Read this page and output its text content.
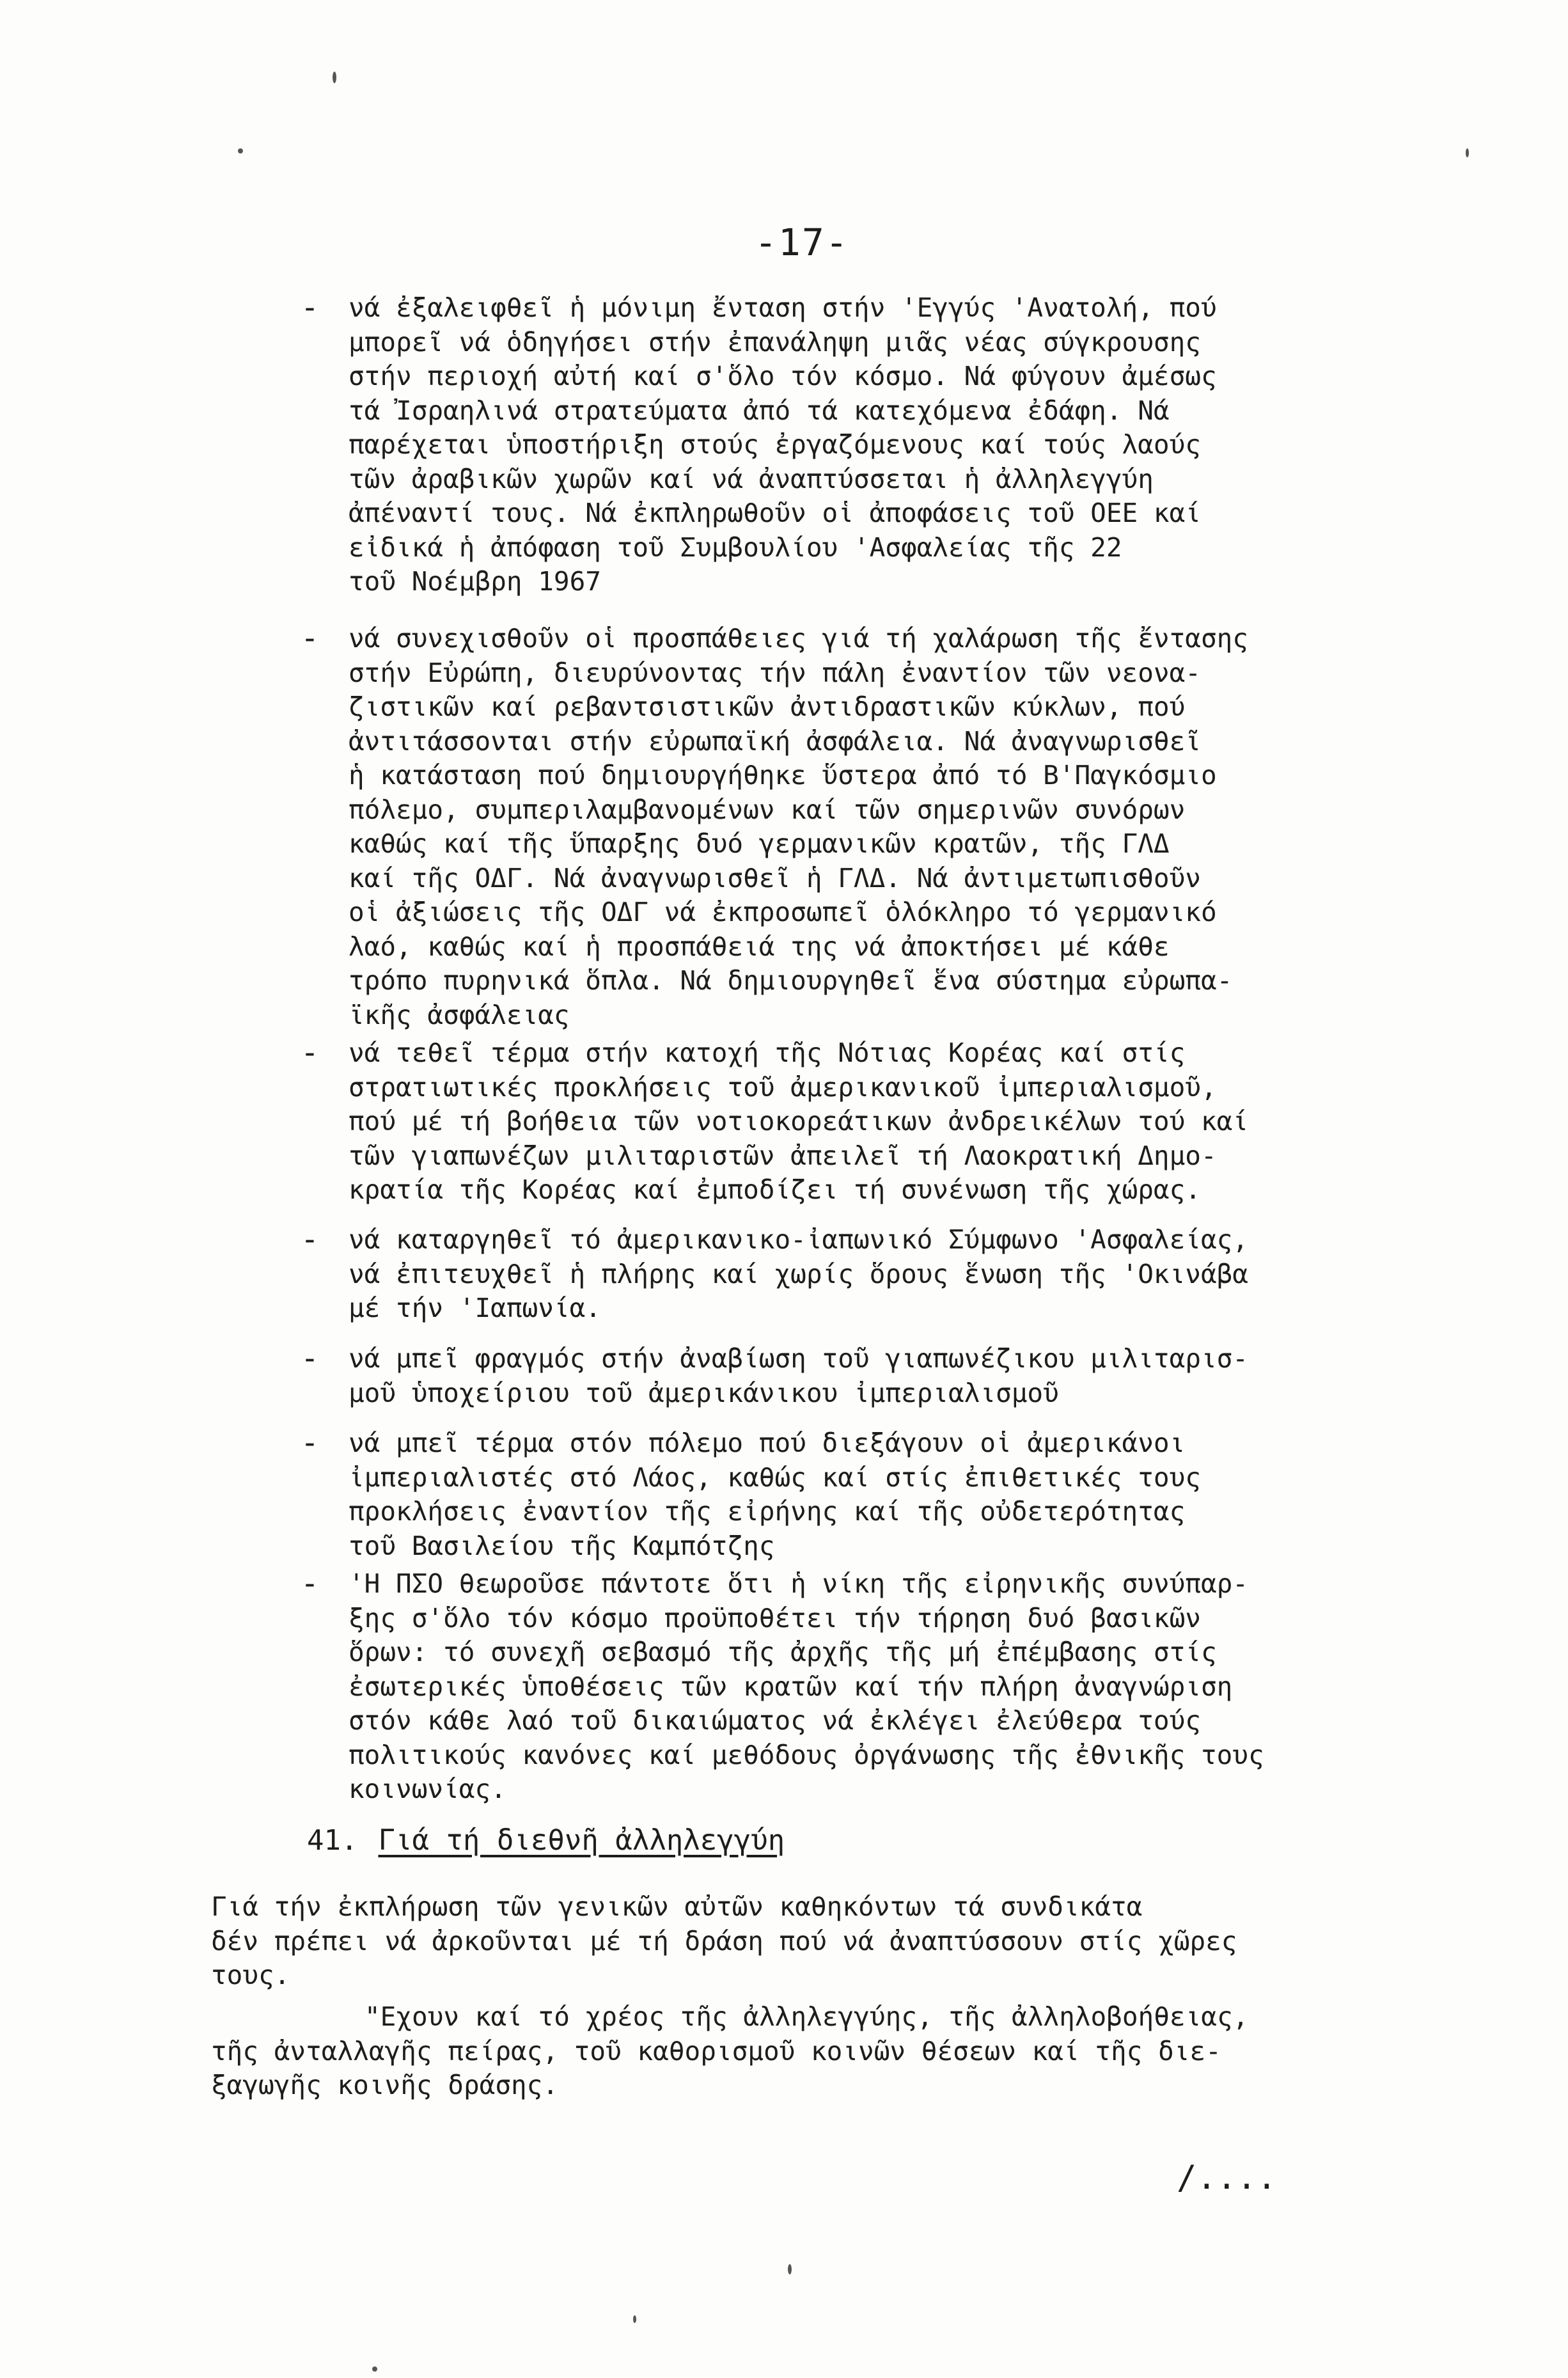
-17-
- νά ἐξαλειφθεῖ ἡ μόνιμη ἔνταση στήν 'Εγγύς 'Ανατολή, πού
μπορεῖ νά ὁδηγήσει στήν ἐπανάληψη μιᾶς νέας σύγκρουσης
στήν περιοχή αὐτή καί σ'ὅλο τόν κόσμο. Νά φύγουν ἀμέσως
τά Ἰσραηλινά στρατεύματα ἀπό τά κατεχόμενα ἐδάφη. Νά
παρέχεται ὑποστήριξη στούς ἐργαζόμενους καί τούς λαούς
τῶν ἀραβικῶν χωρῶν καί νά ἀναπτύσσεται ἡ ἀλληλεγγύη
ἀπέναντί τους. Νά ἐκπληρωθοῦν οἱ ἀποφάσεις τοῦ ΟΕΕ καί
εἰδικά ἡ ἀπόφαση τοῦ Συμβουλίου 'Ασφαλείας τῆς 22
τοῦ Νοέμβρη 1967
- νά συνεχισθοῦν οἱ προσπάθειες γιά τή χαλάρωση τῆς ἔντασης
στήν Εὐρώπη, διευρύνοντας τήν πάλη ἐναντίον τῶν νεονα-
ζιστικῶν καί ρεβαντσιστικῶν ἀντιδραστικῶν κύκλων, πού
ἀντιτάσσονται στήν εὐρωπαϊκή ἀσφάλεια. Νά ἀναγνωρισθεῖ
ἡ κατάσταση πού δημιουργήθηκε ὕστερα ἀπό τό Β'Παγκόσμιο
πόλεμο, συμπεριλαμβανομένων καί τῶν σημερινῶν συνόρων
καθώς καί τῆς ὕπαρξης δυό γερμανικῶν κρατῶν, τῆς ΓΛΔ
καί τῆς ΟΔΓ. Νά ἀναγνωρισθεῖ ἡ ΓΛΔ. Νά ἀντιμετωπισθοῦν
οἱ ἀξιώσεις τῆς ΟΔΓ νά ἐκπροσωπεῖ ὁλόκληρο τό γερμανικό
λαό, καθώς καί ἡ προσπάθειά της νά ἀποκτήσει μέ κάθε
τρόπο πυρηνικά ὅπλα. Νά δημιουργηθεῖ ἕνα σύστημα εὐρωπα-
ϊκῆς ἀσφάλειας
- νά τεθεῖ τέρμα στήν κατοχή τῆς Νότιας Κορέας καί στίς
στρατιωτικές προκλήσεις τοῦ ἀμερικανικοῦ ἰμπεριαλισμοῦ,
πού μέ τή βοήθεια τῶν νοτιοκορεάτικων ἀνδρεικέλων τού καί
τῶν γιαπωνέζων μιλιταριστῶν ἀπειλεῖ τή Λαοκρατική Δημο-
κρατία τῆς Κορέας καί ἐμποδίζει τή συνένωση τῆς χώρας.
- νά καταργηθεῖ τό ἀμερικανικο-ἰαπωνικό Σύμφωνο 'Ασφαλείας,
νά ἐπιτευχθεῖ ἡ πλήρης καί χωρίς ὅρους ἕνωση τῆς 'Οκινάβα
μέ τήν 'Ιαπωνία.
- νά μπεῖ φραγμός στήν ἀναβίωση τοῦ γιαπωνέζικου μιλιταρισ-
μοῦ ὑποχείριου τοῦ ἀμερικάνικου ἰμπεριαλισμοῦ
- νά μπεῖ τέρμα στόν πόλεμο πού διεξάγουν οἱ ἀμερικάνοι
ἰμπεριαλιστές στό Λάος, καθώς καί στίς ἐπιθετικές τους
προκλήσεις ἐναντίον τῆς εἰρήνης καί τῆς οὐδετερότητας
τοῦ Βασιλείου τῆς Καμπότζης
- 'Η ΠΣΟ θεωροῦσε πάντοτε ὅτι ἡ νίκη τῆς εἰρηνικῆς συνύπαρ-
ξης σ'ὅλο τόν κόσμο προϋποθέτει τήν τήρηση δυό βασικῶν
ὅρων: τό συνεχῆ σεβασμό τῆς ἀρχῆς τῆς μή ἐπέμβασης στίς
ἐσωτερικές ὑποθέσεις τῶν κρατῶν καί τήν πλήρη ἀναγνώριση
στόν κάθε λαό τοῦ δικαιώματος νά ἐκλέγει ἐλεύθερα τούς
πολιτικούς κανόνες καί μεθόδους ὀργάνωσης τῆς ἐθνικῆς τους
κοινωνίας.
41. Γιά τή διεθνῆ ἀλληλεγγύη
Γιά τήν ἐκπλήρωση τῶν γενικῶν αὐτῶν καθηκόντων τά συνδικάτα
δέν πρέπει νά ἀρκοῦνται μέ τή δράση πού νά ἀναπτύσσουν στίς χῶρες
τους.
"Εχουν καί τό χρέος τῆς ἀλληλεγγύης, τῆς ἀλληλοβοήθειας,
τῆς ἀνταλλαγῆς πείρας, τοῦ καθορισμοῦ κοινῶν θέσεων καί τῆς διε-
ξαγωγῆς κοινῆς δράσης.
/....
